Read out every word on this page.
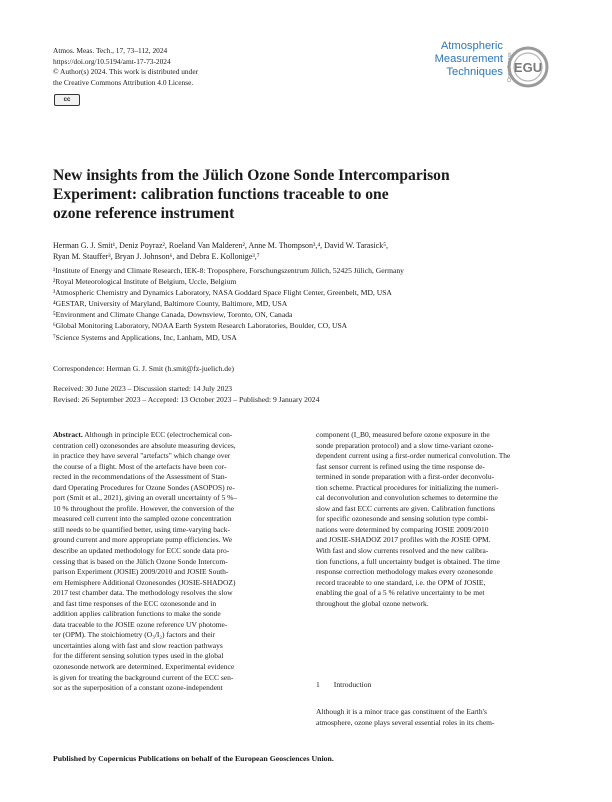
Atmos. Meas. Tech., 17, 73–112, 2024
https://doi.org/10.5194/amt-17-73-2024
© Author(s) 2024. This work is distributed under
the Creative Commons Attribution 4.0 License.
cc
Atmospheric
Measurement
Techniques Open Access EGU
New insights from the Jülich Ozone Sonde Intercomparison
Experiment: calibration functions traceable to one
ozone reference instrument
Herman G. J. Smit¹, Deniz Poyraz², Roeland Van Malderen², Anne M. Thompson³,⁴, David W. Tarasick⁵,
Ryan M. Stauffer³, Bryan J. Johnson⁶, and Debra E. Kollonige³,⁷
¹Institute of Energy and Climate Research, IEK-8: Troposphere, Forschungszentrum Jülich, 52425 Jülich, Germany
²Royal Meteorological Institute of Belgium, Uccle, Belgium
³Atmospheric Chemistry and Dynamics Laboratory, NASA Goddard Space Flight Center, Greenbelt, MD, USA
⁴GESTAR, University of Maryland, Baltimore County, Baltimore, MD, USA
⁵Environment and Climate Change Canada, Downsview, Toronto, ON, Canada
⁶Global Monitoring Laboratory, NOAA Earth System Research Laboratories, Boulder, CO, USA
⁷Science Systems and Applications, Inc, Lanham, MD, USA
Correspondence: Herman G. J. Smit (h.smit@fz-juelich.de)
Received: 30 June 2023 – Discussion started: 14 July 2023
Revised: 26 September 2023 – Accepted: 13 October 2023 – Published: 9 January 2024
Abstract. Although in principle ECC (electrochemical con-
centration cell) ozonesondes are absolute measuring devices,
in practice they have several "artefacts" which change over
the course of a flight. Most of the artefacts have been cor-
rected in the recommendations of the Assessment of Stan-
dard Operating Procedures for Ozone Sondes (ASOPOS) re-
port (Smit et al., 2021), giving an overall uncertainty of 5 %–
10 % throughout the profile. However, the conversion of the
measured cell current into the sampled ozone concentration
still needs to be quantified better, using time-varying back-
ground current and more appropriate pump efficiencies. We
describe an updated methodology for ECC sonde data pro-
cessing that is based on the Jülich Ozone Sonde Intercom-
parison Experiment (JOSIE) 2009/2010 and JOSIE South-
ern Hemisphere Additional Ozonesondes (JOSIE-SHADOZ)
2017 test chamber data. The methodology resolves the slow
and fast time responses of the ECC ozonesonde and in
addition applies calibration functions to make the sonde
data traceable to the JOSIE ozone reference UV photome-
ter (OPM). The stoichiometry (O₃/I₂) factors and their
uncertainties along with fast and slow reaction pathways
for the different sensing solution types used in the global
ozonesonde network are determined. Experimental evidence
is given for treating the background current of the ECC sen-
sor as the superposition of a constant ozone-independent
component (I_B0, measured before ozone exposure in the
sonde preparation protocol) and a slow time-variant ozone-
dependent current using a first-order numerical convolution. The
fast sensor current is refined using the time response de-
termined in sonde preparation with a first-order deconvolu-
tion scheme. Practical procedures for initializing the numeri-
cal deconvolution and convolution schemes to determine the
slow and fast ECC currents are given. Calibration functions
for specific ozonesonde and sensing solution type combi-
nations were determined by comparing JOSIE 2009/2010
and JOSIE-SHADOZ 2017 profiles with the JOSIE OPM.
With fast and slow currents resolved and the new calibra-
tion functions, a full uncertainty budget is obtained. The time
response correction methodology makes every ozonesonde
record traceable to one standard, i.e. the OPM of JOSIE,
enabling the goal of a 5 % relative uncertainty to be met
throughout the global ozone network.
1 Introduction
Although it is a minor trace gas constituent of the Earth's
atmosphere, ozone plays several essential roles in its chem-
Published by Copernicus Publications on behalf of the European Geosciences Union.
